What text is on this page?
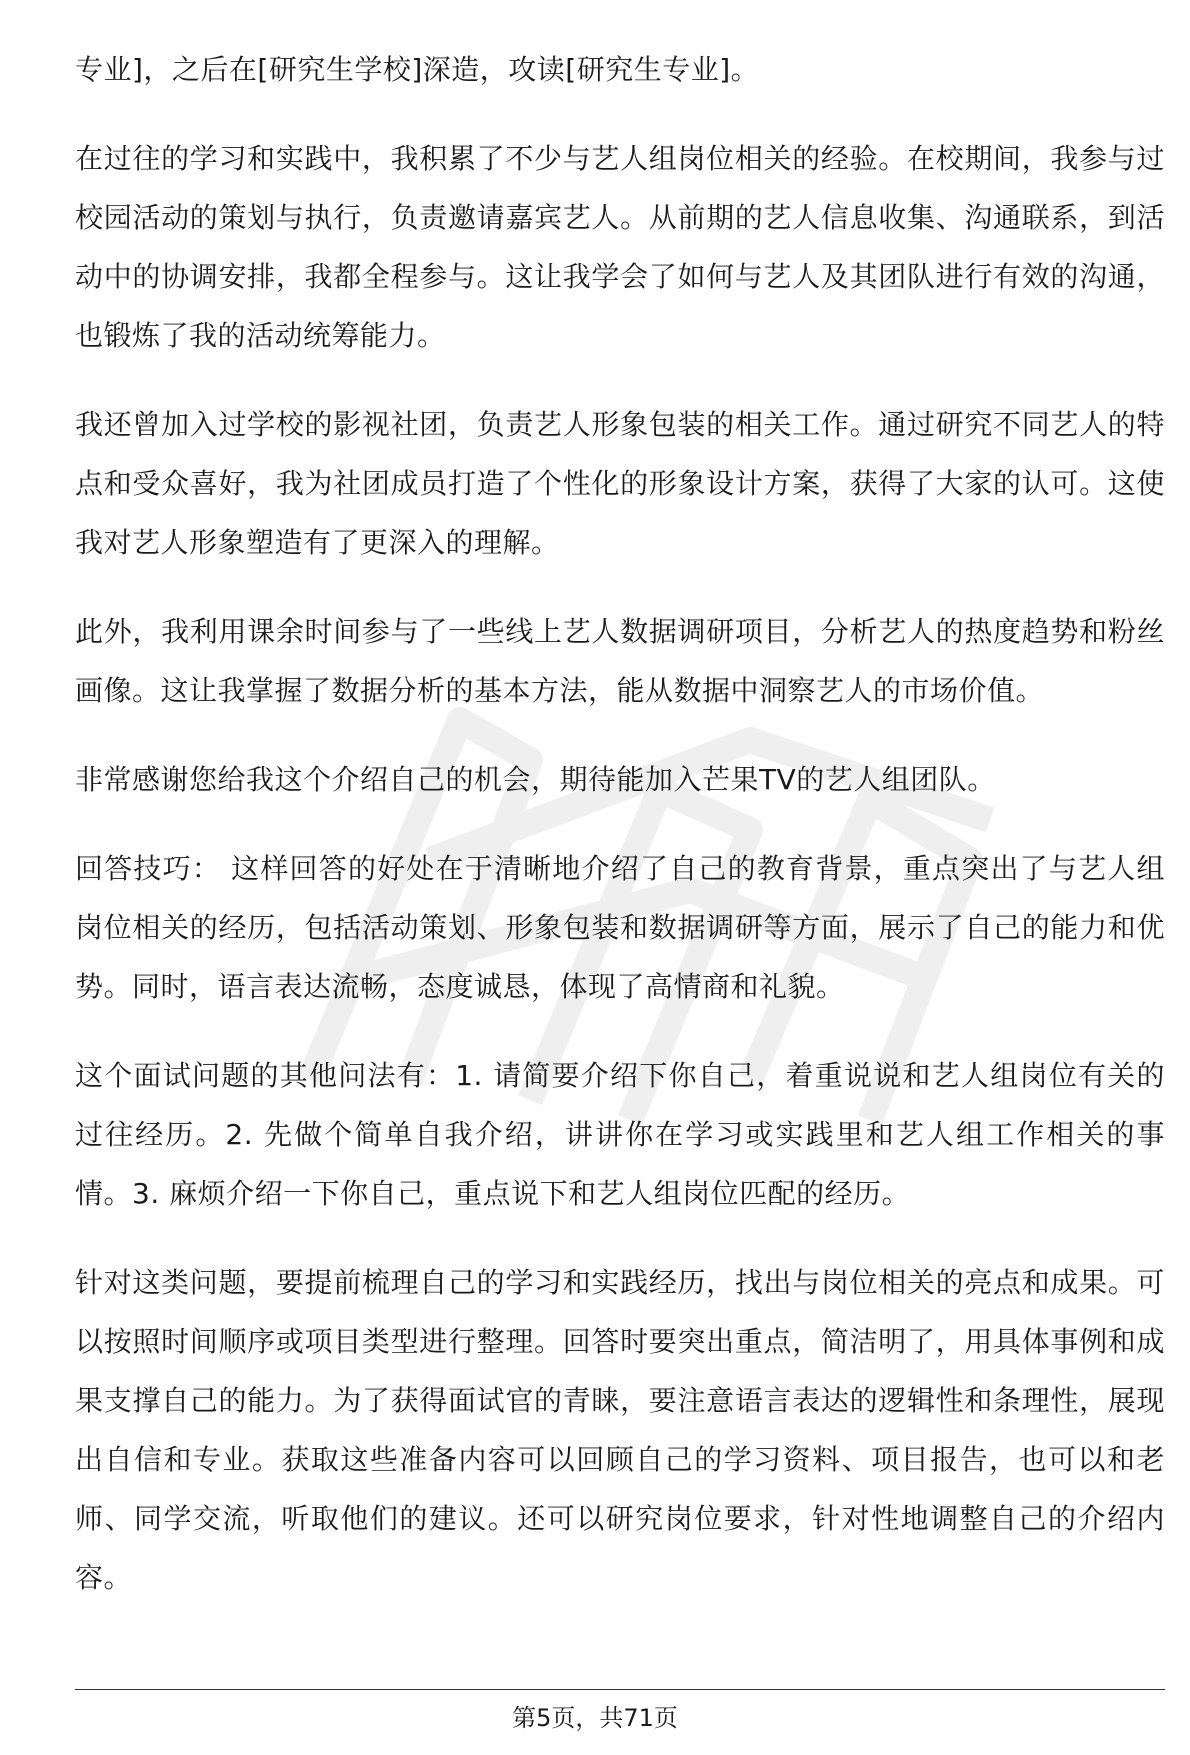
专业]，之后在[研究生学校]深造，攻读[研究生专业]。

在过往的学习和实践中，我积累了不少与艺人组岗位相关的经验。在校期间，我参与过校园活动的策划与执行，负责邀请嘉宾艺人。从前期的艺人信息收集、沟通联系，到活动中的协调安排，我都全程参与。这让我学会了如何与艺人及其团队进行有效的沟通，也锻炼了我的活动统筹能力。

我还曾加入过学校的影视社团，负责艺人形象包装的相关工作。通过研究不同艺人的特点和受众喜好，我为社团成员打造了个性化的形象设计方案，获得了大家的认可。这使我对艺人形象塑造有了更深入的理解。

此外，我利用课余时间参与了一些线上艺人数据调研项目，分析艺人的热度趋势和粉丝画像。这让我掌握了数据分析的基本方法，能从数据中洞察艺人的市场价值。

非常感谢您给我这个介绍自己的机会，期待能加入芒果TV的艺人组团队。

回答技巧： 这样回答的好处在于清晰地介绍了自己的教育背景，重点突出了与艺人组岗位相关的经历，包括活动策划、形象包装和数据调研等方面，展示了自己的能力和优势。同时，语言表达流畅，态度诚恳，体现了高情商和礼貌。

这个面试问题的其他问法有：1. 请简要介绍下你自己，着重说说和艺人组岗位有关的过往经历。2. 先做个简单自我介绍，讲讲你在学习或实践里和艺人组工作相关的事情。3. 麻烦介绍一下你自己，重点说下和艺人组岗位匹配的经历。

针对这类问题，要提前梳理自己的学习和实践经历，找出与岗位相关的亮点和成果。可以按照时间顺序或项目类型进行整理。回答时要突出重点，简洁明了，用具体事例和成果支撑自己的能力。为了获得面试官的青睐，要注意语言表达的逻辑性和条理性，展现出自信和专业。获取这些准备内容可以回顾自己的学习资料、项目报告，也可以和老师、同学交流，听取他们的建议。还可以研究岗位要求，针对性地调整自己的介绍内容。

第5页，共71页
